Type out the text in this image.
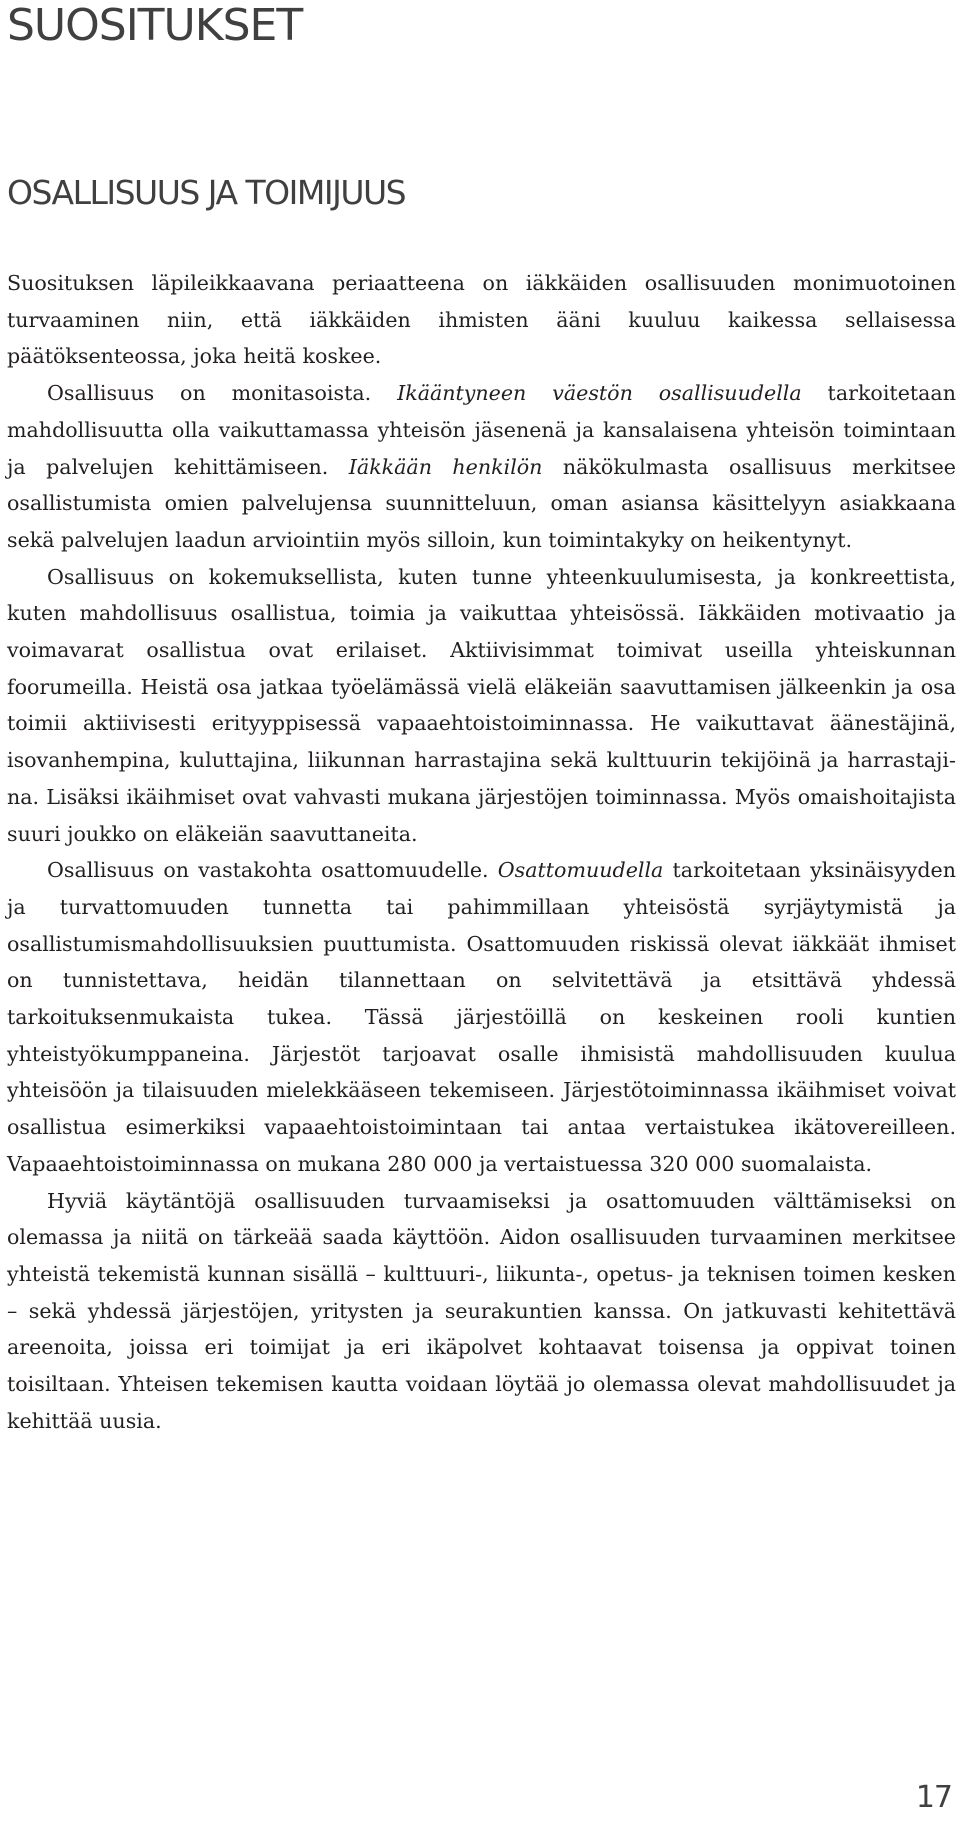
SUOSITUKSET
OSALLISUUS JA TOIMIJUUS

Suosituksen läpileikkaavana periaatteena on iäkkäiden osallisuuden monimuotoinen turvaaminen niin, että iäkkäiden ihmisten ääni kuuluu kaikessa sellaisessa päätöksenteossa, joka heitä koskee.

Osallisuus on monitasoista. Ikääntyneen väestön osallisuudella tarkoitetaan mahdollisuutta olla vaikuttamassa yhteisön jäsenenä ja kansalaisena yhteisön toimintaan ja palvelujen kehittämiseen. Iäkkään henkilön näkökulmasta osallisuus merkitsee osallistumista omien palvelujensa suunnitteluun, oman asiansa käsittelyyn asiakkaana sekä palvelujen laadun arviointiin myös silloin, kun toimintakyky on heikentynyt.

Osallisuus on kokemuksellista, kuten tunne yhteenkuulumisesta, ja konkreettista, kuten mahdollisuus osallistua, toimia ja vaikuttaa yhteisössä. Iäkkäiden motivaatio ja voimavarat osallistua ovat erilaiset. Aktiivisimmat toimivat useilla yhteiskunnan foorumeilla. Heistä osa jatkaa työelämässä vielä eläkeiän saavuttamisen jälkeenkin ja osa toimii aktiivisesti erityyppisessä vapaaehtoistoiminnassa. He vaikuttavat äänestäjinä, isovanhempina, kuluttajina, liikunnan harrastajina sekä kulttuurin tekijöinä ja harrastajina. Lisäksi ikäihmiset ovat vahvasti mukana järjestöjen toiminnassa. Myös omaishoitajista suuri joukko on eläkeiän saavuttaneita.

Osallisuus on vastakohta osattomuudelle. Osattomuudella tarkoitetaan yksinäisyyden ja turvattomuuden tunnetta tai pahimmillaan yhteisöstä syrjäytymistä ja osallistumismahdollisuuksien puuttumista. Osattomuuden riskissä olevat iäkkäät ihmiset on tunnistettava, heidän tilannettaan on selvitettävä ja etsittävä yhdessä tarkoituksenmukaista tukea. Tässä järjestöillä on keskeinen rooli kuntien yhteistyökumppaneina. Järjestöt tarjoavat osalle ihmisistä mahdollisuuden kuulua yhteisöön ja tilaisuuden mielekkääseen tekemiseen. Järjestötoiminnassa ikäihmiset voivat osallistua esimerkiksi vapaaehtoistoimintaan tai antaa vertaistukea ikätovereilleen. Vapaaehtoistoiminnassa on mukana 280 000 ja vertaistuessa 320 000 suomalaista.

Hyviä käytäntöjä osallisuuden turvaamiseksi ja osattomuuden välttämiseksi on olemassa ja niitä on tärkeää saada käyttöön. Aidon osallisuuden turvaaminen merkitsee yhteistä tekemistä kunnan sisällä – kulttuuri-, liikunta-, opetus- ja teknisen toimen kesken – sekä yhdessä järjestöjen, yritysten ja seurakuntien kanssa. On jatkuvasti kehitettävä areenoita, joissa eri toimijat ja eri ikäpolvet kohtaavat toisensa ja oppivat toinen toisiltaan. Yhteisen tekemisen kautta voidaan löytää jo olemassa olevat mahdollisuudet ja kehittää uusia.

17
